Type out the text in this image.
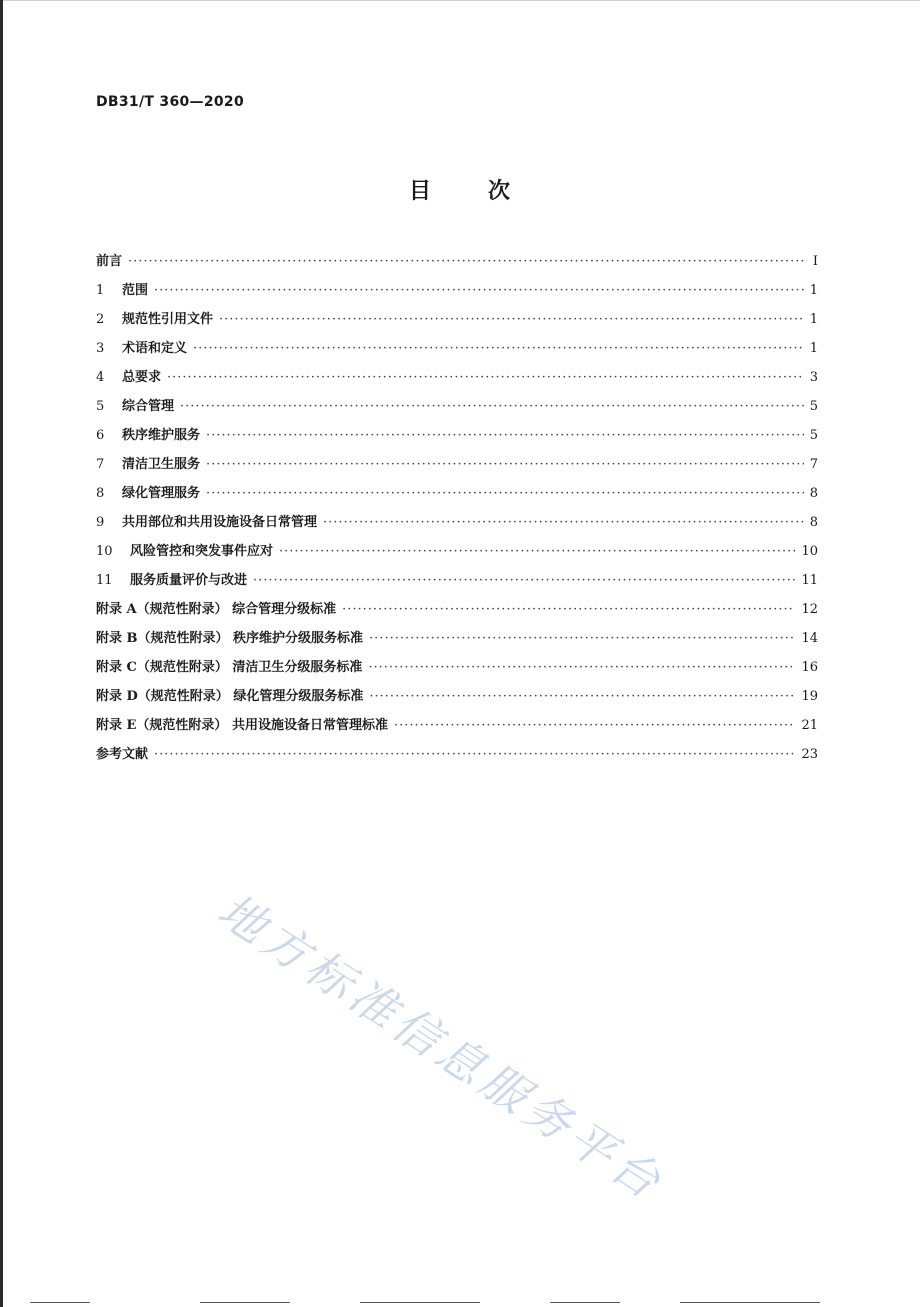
DB31/T 360—2020
目	次
前言 ·····	I
1	范围 ·····	1
2	规范性引用文件 ·····	1
3	术语和定义 ·····	1
4	总要求 ·····	3
5	综合管理 ·····	5
6	秩序维护服务 ·····	5
7	清洁卫生服务 ·····	7
8	绿化管理服务 ·····	8
9	共用部位和共用设施设备日常管理 ·····	8
10	风险管控和突发事件应对 ·····	10
11	服务质量评价与改进 ·····	11
附录 A（规范性附录） 综合管理分级标准 ·····	12
附录 B（规范性附录） 秩序维护分级服务标准 ·····	14
附录 C（规范性附录） 清洁卫生分级服务标准 ·····	16
附录 D（规范性附录） 绿化管理分级服务标准 ·····	19
附录 E（规范性附录） 共用设施设备日常管理标准 ·····	21
参考文献 ·····	23
地方标准信息服务平台
